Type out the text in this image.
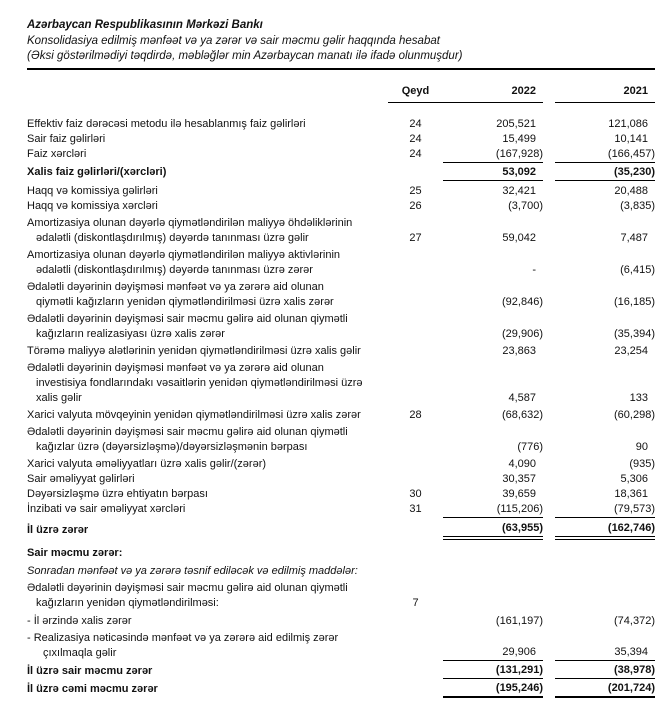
Azərbaycan Respublikasının Mərkəzi Bankı
Konsolidasiya edilmiş mənfəət və ya zərər və sair məcmu gəlir haqqında hesabat
(Əksi göstərilmədiyi təqdirdə, məbləğlər min Azərbaycan manatı ilə ifadə olunmuşdur)
	Qeyd	2022		2021

Effektiv faiz dərəcəsi metodu ilə hesablanmış faiz gəlirləri	24	205,521		121,086

Sair faiz gəlirləri	24	15,499		10,141

Faiz xərcləri	24	(167,928)		(166,457)

Xalis faiz gəlirləri/(xərcləri)		53,092		(35,230)

Haqq və komissiya gəlirləri	25	32,421		20,488

Haqq və komissiya xərcləri	26	(3,700)		(3,835)

Amortizasiya olunan dəyərlə qiymətləndirilən maliyyə öhdəliklərinin
ədalətli (diskontlaşdırılmış) dəyərdə tanınması üzrə gəlir	27	59,042		7,487

Amortizasiya olunan dəyərlə qiymətləndirilən maliyyə aktivlərinin
ədalətli (diskontlaşdırılmış) dəyərdə tanınması üzrə zərər		-		(6,415)

Ədalətli dəyərinin dəyişməsi mənfəət və ya zərərə aid olunan
qiymətli kağızların yenidən qiymətləndirilməsi üzrə xalis zərər		(92,846)		(16,185)

Ədalətli dəyərinin dəyişməsi sair məcmu gəlirə aid olunan qiymətli
kağızların realizasiyası üzrə xalis zərər		(29,906)		(35,394)

Törəmə maliyyə alətlərinin yenidən qiymətləndirilməsi üzrə xalis gəlir		23,863		23,254

Ədalətli dəyərinin dəyişməsi mənfəət və ya zərərə aid olunan
investisiya fondlarındakı vəsaitlərin yenidən qiymətləndirilməsi üzrə
xalis gəlir		4,587		133

Xarici valyuta mövqeyinin yenidən qiymətləndirilməsi üzrə xalis zərər	28	(68,632)		(60,298)

Ədalətli dəyərinin dəyişməsi sair məcmu gəlirə aid olunan qiymətli
kağızlar üzrə (dəyərsizləşmə)/dəyərsizləşmənin bərpası		(776)		90

Xarici valyuta əməliyyatları üzrə xalis gəlir/(zərər)		4,090		(935)

Sair əməliyyat gəlirləri		30,357		5,306

Dəyərsizləşmə üzrə ehtiyatın bərpası	30	39,659		18,361

İnzibati və sair əməliyyat xərcləri	31	(115,206)		(79,573)

İl üzrə zərər		(63,955)		(162,746)

Sair məcmu zərər:				

Sonradan mənfəət və ya zərərə təsnif ediləcək və edilmiş maddələr:				

Ədalətli dəyərinin dəyişməsi sair məcmu gəlirə aid olunan qiymətli
kağızların yenidən qiymətləndirilməsi:	7			

- İl ərzində xalis zərər		(161,197)		(74,372)

- Realizasiya nəticəsində mənfəət və ya zərərə aid edilmiş zərər
çıxılmaqla gəlir		29,906		35,394

İl üzrə sair məcmu zərər		(131,291)		(38,978)

İl üzrə cəmi məcmu zərər		(195,246)		(201,724)
